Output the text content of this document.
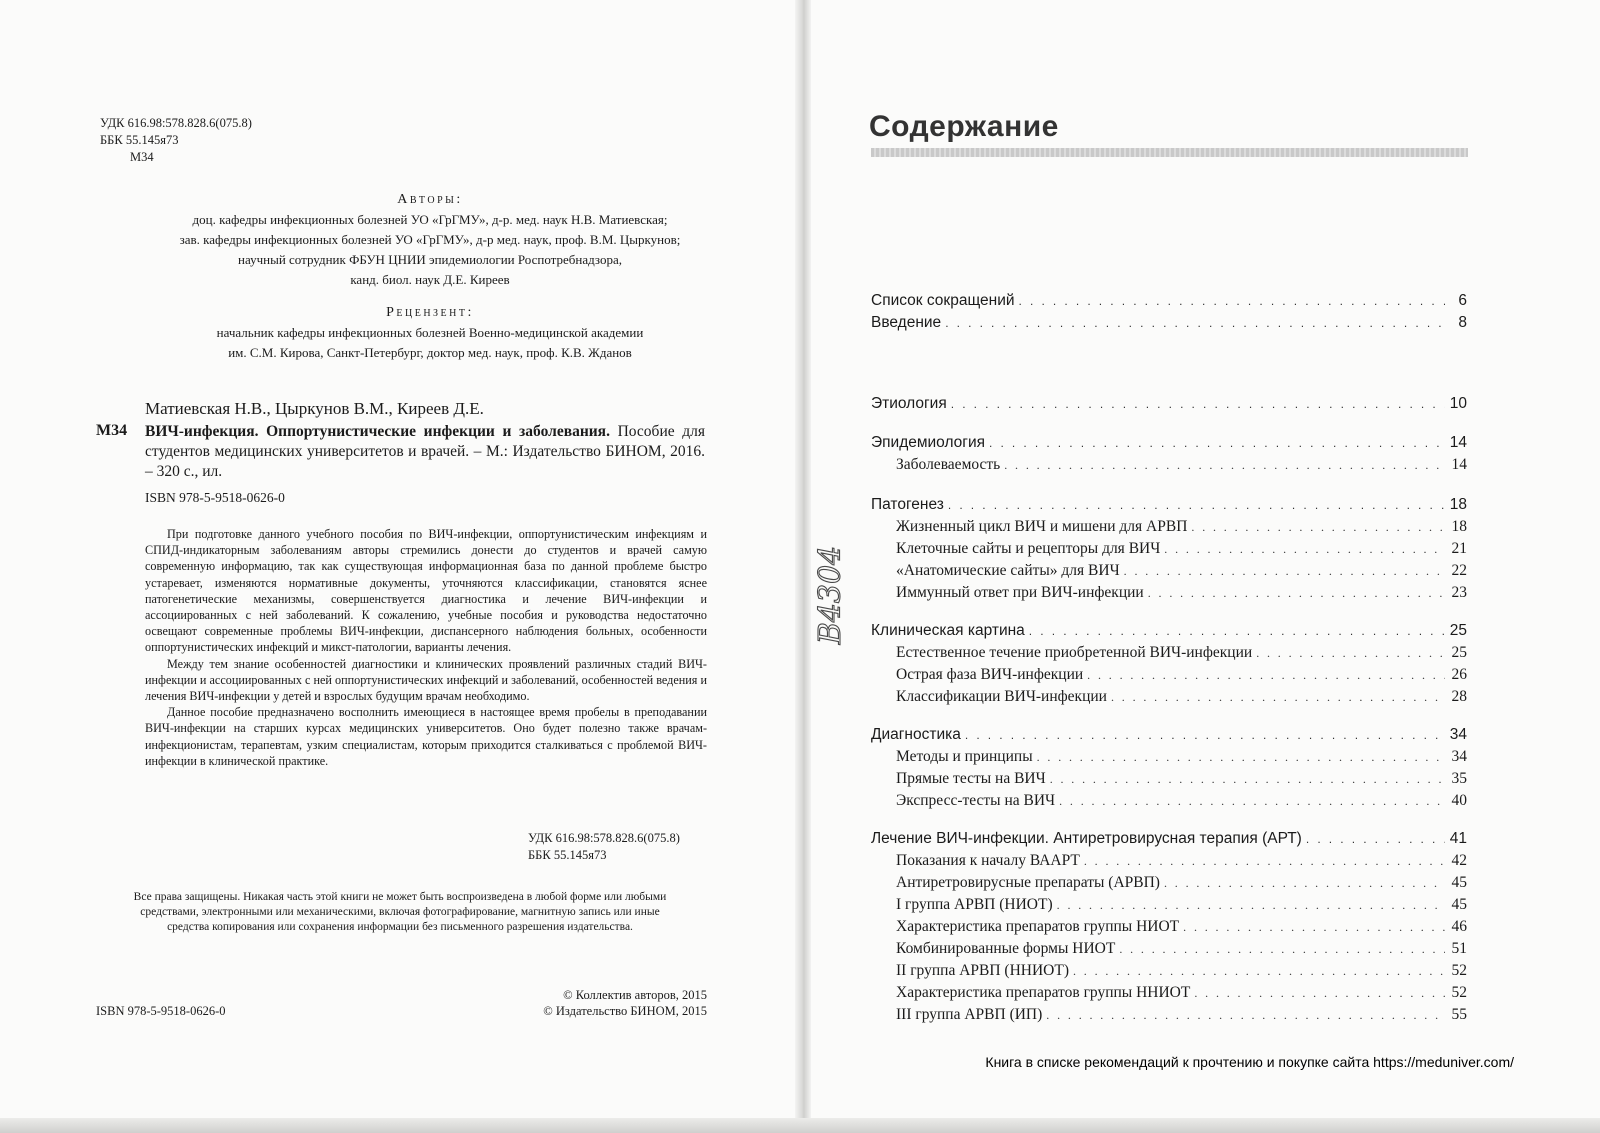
УДК 616.98:578.828.6(075.8)
ББК 55.145я73
М34
Авторы:
доц. кафедры инфекционных болезней УО «ГрГМУ», д-р. мед. наук Н.В. Матиевская;
зав. кафедры инфекционных болезней УО «ГрГМУ», д-р мед. наук, проф. В.М. Цыркунов;
научный сотрудник ФБУН ЦНИИ эпидемиологии Роспотребнадзора,
канд. биол. наук Д.Е. Киреев
Рецензент:
начальник кафедры инфекционных болезней Военно-медицинской академии
им. С.М. Кирова, Санкт-Петербург, доктор мед. наук, проф. К.В. Жданов
Матиевская Н.В., Цыркунов В.М., Киреев Д.Е.
М34 ВИЧ-инфекция. Оппортунистические инфекции и заболевания. Пособие для студентов медицинских университетов и врачей. – М.: Издательство БИНОМ, 2016. – 320 с., ил.
ISBN 978-5-9518-0626-0

При подготовке данного учебного пособия по ВИЧ-инфекции, оппортунистическим инфекциям и СПИД-индикаторным заболеваниям авторы стремились донести до студентов и врачей самую современную информацию, так как существующая информационная база по данной проблеме быстро устаревает, изменяются нормативные документы, уточняются классификации, становятся яснее патогенетические механизмы, совершенствуется диагностика и лечение ВИЧ-инфекции и ассоциированных с ней заболеваний. К сожалению, учебные пособия и руководства недостаточно освещают современные проблемы ВИЧ-инфекции, диспансерного наблюдения больных, особенности оппортунистических инфекций и микст-патологии, варианты лечения.

Между тем знание особенностей диагностики и клинических проявлений различных стадий ВИЧ-инфекции и ассоциированных с ней оппортунистических инфекций и заболеваний, особенностей ведения и лечения ВИЧ-инфекции у детей и взрослых будущим врачам необходимо.

Данное пособие предназначено восполнить имеющиеся в настоящее время пробелы в преподавании ВИЧ-инфекции на старших курсах медицинских университетов. Оно будет полезно также врачам-инфекционистам, терапевтам, узким специалистам, которым приходится сталкиваться с проблемой ВИЧ-инфекции в клинической практике.

УДК 616.98:578.828.6(075.8)
ББК 55.145я73
Все права защищены. Никакая часть этой книги не может быть воспроизведена в любой форме или любыми средствами, электронными или механическими, включая фотографирование, магнитную запись или иные средства копирования или сохранения информации без письменного разрешения издательства.
ISBN 978-5-9518-0626-0
© Коллектив авторов, 2015
© Издательство БИНОМ, 2015
Содержание
В4304
Список сокращений . . .	6
Введение . . .	8
Этиология . . .	10
Эпидемиология . . .	14
Заболеваемость . . .	14
Патогенез . . .	18
Жизненный цикл ВИЧ и мишени для АРВП . . .	18
Клеточные сайты и рецепторы для ВИЧ . . .	21
«Анатомические сайты» для ВИЧ . . .	22
Иммунный ответ при ВИЧ-инфекции . . .	23
Клиническая картина . . .	25
Естественное течение приобретенной ВИЧ-инфекции . . .	25
Острая фаза ВИЧ-инфекции . . .	26
Классификации ВИЧ-инфекции . . .	28
Диагностика . . .	34
Методы и принципы . . .	34
Прямые тесты на ВИЧ . . .	35
Экспресс-тесты на ВИЧ . . .	40
Лечение ВИЧ-инфекции. Антиретровирусная терапия (АРТ) . . .	41
Показания к началу ВААРТ . . .	42
Антиретровирусные препараты (АРВП) . . .	45
I группа АРВП (НИОТ) . . .	45
Характеристика препаратов группы НИОТ . . .	46
Комбинированные формы НИОТ . . .	51
II группа АРВП (ННИОТ) . . .	52
Характеристика препаратов группы ННИОТ . . .	52
III группа АРВП (ИП) . . .	55
Книга в списке рекомендаций к прочтению и покупке сайта https://meduniver.com/
